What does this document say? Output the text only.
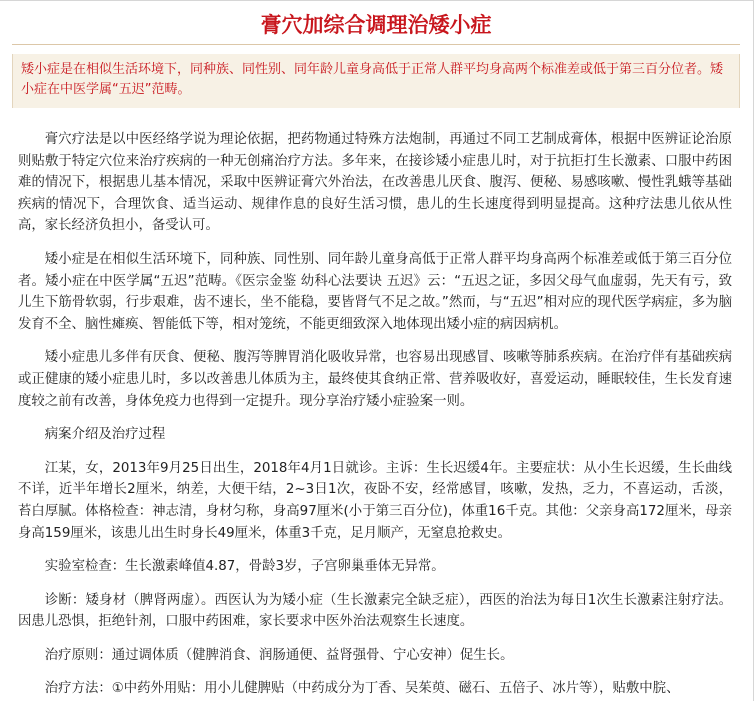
膏穴加综合调理治矮小症
矮小症是在相似生活环境下，同种族、同性别、同年龄儿童身高低于正常人群平均身高两个标准差或低于第三百分位者。矮小症在中医学属“五迟”范畴。

膏穴疗法是以中医经络学说为理论依据，把药物通过特殊方法炮制，再通过不同工艺制成膏体，根据中医辨证论治原则贴敷于特定穴位来治疗疾病的一种无创痛治疗方法。多年来，在接诊矮小症患儿时，对于抗拒打生长激素、口服中药困难的情况下，根据患儿基本情况，采取中医辨证膏穴外治法，在改善患儿厌食、腹泻、便秘、易感咳嗽、慢性乳蛾等基础疾病的情况下，合理饮食、适当运动、规律作息的良好生活习惯，患儿的生长速度得到明显提高。这种疗法患儿依从性高，家长经济负担小，备受认可。

矮小症是在相似生活环境下，同种族、同性别、同年龄儿童身高低于正常人群平均身高两个标准差或低于第三百分位者。矮小症在中医学属“五迟”范畴。《医宗金鉴 幼科心法要诀 五迟》云：“五迟之证，多因父母气血虚弱，先天有亏，致儿生下筋骨软弱，行步艰难，齿不速长，坐不能稳，要皆肾气不足之故。”然而，与“五迟”相对应的现代医学病症，多为脑发育不全、脑性瘫痪、智能低下等，相对笼统，不能更细致深入地体现出矮小症的病因病机。

矮小症患儿多伴有厌食、便秘、腹泻等脾胃消化吸收异常，也容易出现感冒、咳嗽等肺系疾病。在治疗伴有基础疾病或正健康的矮小症患儿时，多以改善患儿体质为主，最终使其食纳正常、营养吸收好，喜爱运动，睡眠较佳，生长发育速度较之前有改善，身体免疫力也得到一定提升。现分享治疗矮小症验案一则。

病案介绍及治疗过程

江某，女，2013年9月25日出生，2018年4月1日就诊。主诉：生长迟缓4年。主要症状：从小生长迟缓，生长曲线不详，近半年增长2厘米，纳差，大便干结，2~3日1次，夜卧不安，经常感冒，咳嗽，发热，乏力，不喜运动，舌淡，苔白厚腻。体格检查：神志清，身材匀称，身高97厘米(小于第三百分位)，体重16千克。其他：父亲身高172厘米，母亲身高159厘米，该患儿出生时身长49厘米，体重3千克，足月顺产，无窒息抢救史。

实验室检查：生长激素峰值4.87，骨龄3岁，子宫卵巢垂体无异常。

诊断：矮身材（脾肾两虚）。西医认为为矮小症（生长激素完全缺乏症），西医的治法为每日1次生长激素注射疗法。因患儿恐惧，拒绝针剂，口服中药困难，家长要求中医外治法观察生长速度。

治疗原则：通过调体质（健脾消食、润肠通便、益肾强骨、宁心安神）促生长。

治疗方法：①中药外用贴：用小儿健脾贴（中药成分为丁香、吴茱萸、磁石、五倍子、冰片等），贴敷中脘、
